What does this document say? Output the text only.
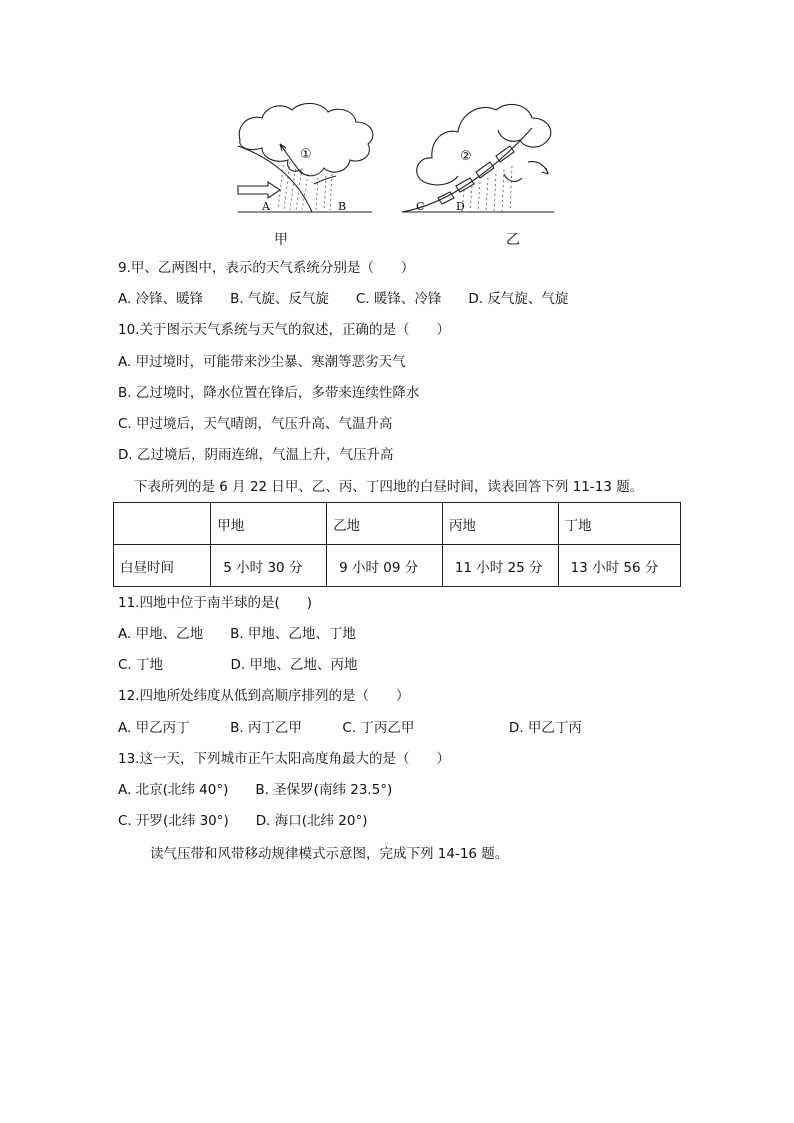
①
A	B
②
C	D
甲	乙
9.甲、乙两图中，表示的天气系统分别是（　　）
A. 冷锋、暖锋　　B. 气旋、反气旋　　C. 暖锋、冷锋　　D. 反气旋、气旋
10.关于图示天气系统与天气的叙述，正确的是（　　）
A. 甲过境时，可能带来沙尘暴、寒潮等恶劣天气
B. 乙过境时，降水位置在锋后，多带来连续性降水
C. 甲过境后，天气晴朗，气压升高、气温升高
D. 乙过境后，阴雨连绵，气温上升，气压升高
下表所列的是 6 月 22 日甲、乙、丙、丁四地的白昼时间，读表回答下列 11-13 题。
	甲地	乙地	丙地	丁地
白昼时间	5 小时 30 分	9 小时 09 分	11 小时 25 分	13 小时 56 分
11.四地中位于南半球的是(　　)
A. 甲地、乙地　　B. 甲地、乙地、丁地
C. 丁地　　　　　D. 甲地、乙地、丙地
12.四地所处纬度从低到高顺序排列的是（　　）
A. 甲乙丙丁　　　B. 丙丁乙甲　　　C. 丁丙乙甲　　　　　　　D. 甲乙丁丙
13.这一天，下列城市正午太阳高度角最大的是（　　）
A. 北京(北纬 40°)　　B. 圣保罗(南纬 23.5°)
C. 开罗(北纬 30°)　　D. 海口(北纬 20°)
读气压带和风带移动规律模式示意图，完成下列 14-16 题。
